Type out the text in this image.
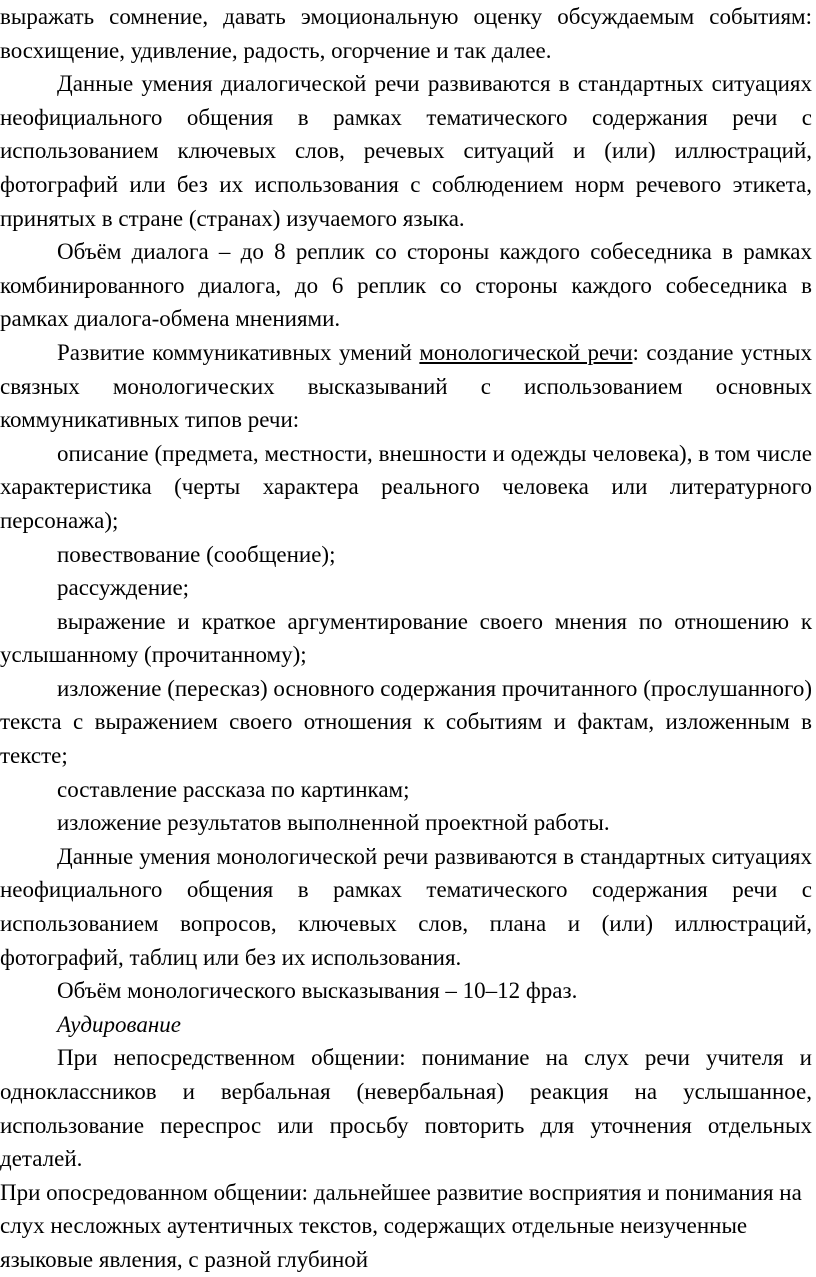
выражать сомнение, давать эмоциональную оценку обсуждаемым событиям: восхищение, удивление, радость, огорчение и так далее.

Данные умения диалогической речи развиваются в стандартных ситуациях неофициального общения в рамках тематического содержания речи с использованием ключевых слов, речевых ситуаций и (или) иллюстраций, фотографий или без их использования с соблюдением норм речевого этикета, принятых в стране (странах) изучаемого языка.

Объём диалога – до 8 реплик со стороны каждого собеседника в рамках комбинированного диалога, до 6 реплик со стороны каждого собеседника в рамках диалога-обмена мнениями.

Развитие коммуникативных умений монологической речи: создание устных связных монологических высказываний с использованием основных коммуникативных типов речи:

описание (предмета, местности, внешности и одежды человека), в том числе характеристика (черты характера реального человека или литературного персонажа);

повествование (сообщение);

рассуждение;

выражение и краткое аргументирование своего мнения по отношению к услышанному (прочитанному);

изложение (пересказ) основного содержания прочитанного (прослушанного) текста с выражением своего отношения к событиям и фактам, изложенным в тексте;

составление рассказа по картинкам;

изложение результатов выполненной проектной работы.

Данные умения монологической речи развиваются в стандартных ситуациях неофициального общения в рамках тематического содержания речи с использованием вопросов, ключевых слов, плана и (или) иллюстраций, фотографий, таблиц или без их использования.

Объём монологического высказывания – 10–12 фраз.

Аудирование

При непосредственном общении: понимание на слух речи учителя и одноклассников и вербальная (невербальная) реакция на услышанное, использование переспрос или просьбу повторить для уточнения отдельных деталей.

При опосредованном общении: дальнейшее развитие восприятия и понимания на слух несложных аутентичных текстов, содержащих отдельные неизученные языковые явления, с разной глубиной
